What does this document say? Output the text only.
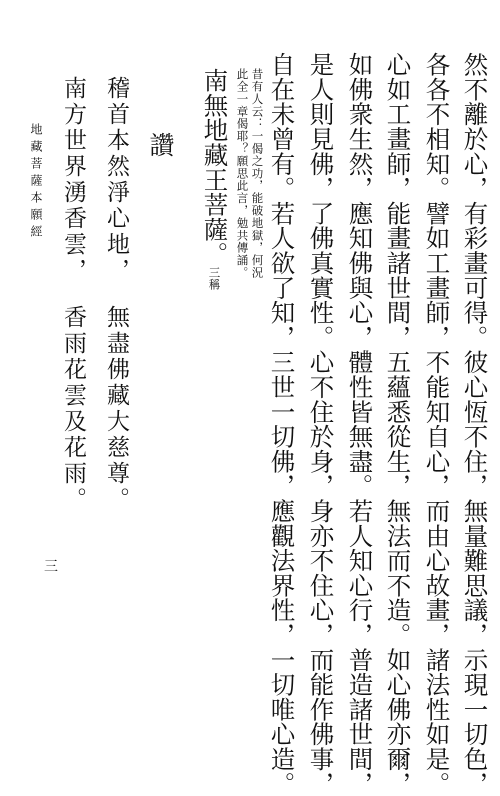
然不離於心，有彩畫可得。彼心恆不住，無量難思議，示現一切色，
各各不相知。譬如工畫師，不能知自心，而由心故畫，諸法性如是。
心如工畫師，能畫諸世間，五蘊悉從生，無法而不造。如心佛亦爾，
如佛衆生然，應知佛與心，體性皆無盡。若人知心行，普造諸世間，
是人則見佛，了佛真實性。心不住於身，身亦不住心，而能作佛事，
自在未曾有。若人欲了知，三世一切佛，應觀法界性，一切唯心造。
昔有人云：一偈之功，能破地獄，何況
此全一章偈耶？願思此言，勉共傳誦。
南無地藏王菩薩。三稱
讚
無盡佛藏大慈尊。
稽首本然淨心地，
香雨花雲及花雨。
南方世界湧香雲，
地藏菩薩本願經
三
